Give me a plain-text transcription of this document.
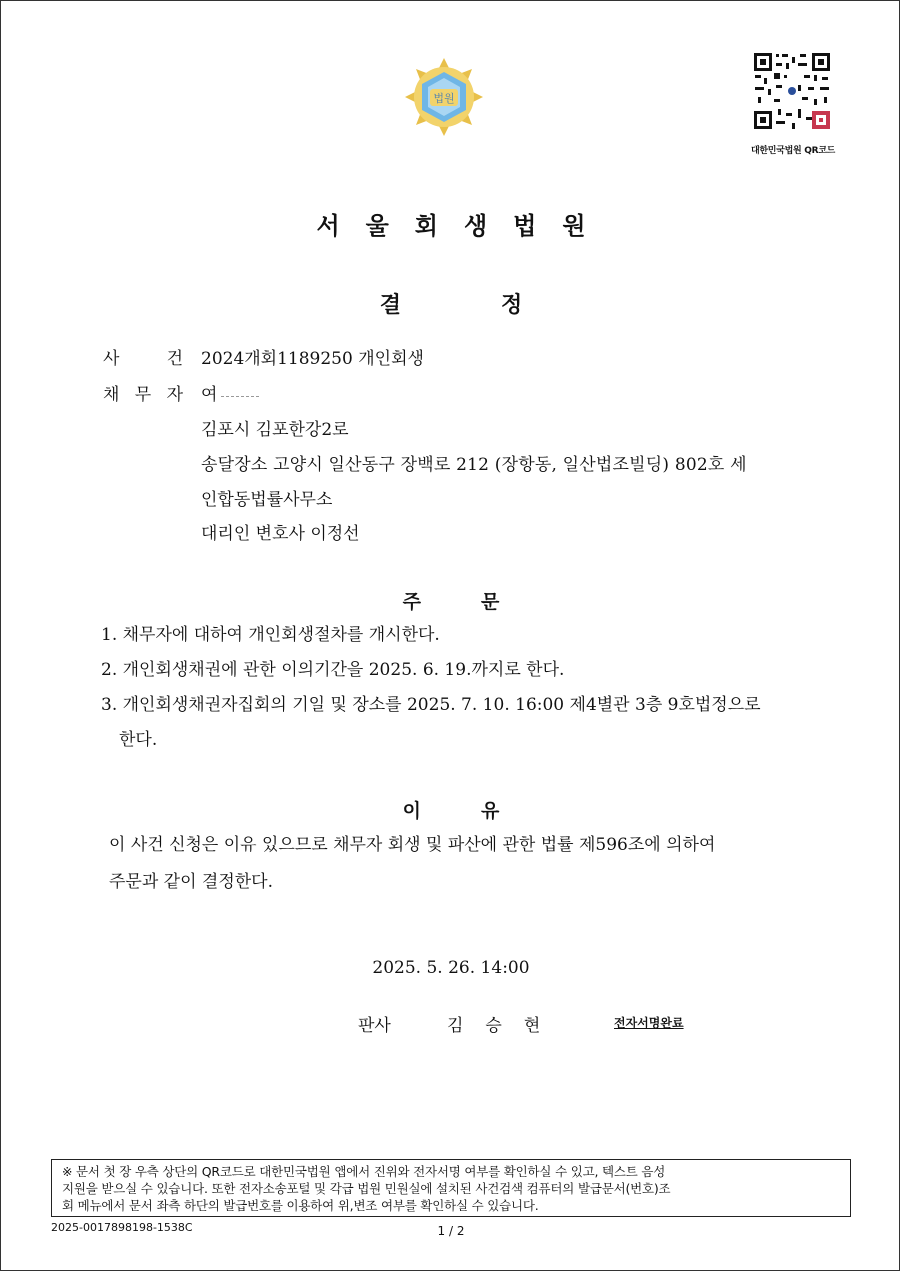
법원
대한민국법원 QR코드
서울회생법원
결정
사	건 2024개회1189250 개인회생
채 무 자 여
김포시 김포한강2로
송달장소 고양시 일산동구 장백로 212 (장항동, 일산법조빌딩) 802호 세
인합동법률사무소
대리인 변호사 이정선
주문
1. 채무자에 대하여 개인회생절차를 개시한다.
2. 개인회생채권에 관한 이의기간을 2025. 6. 19.까지로 한다.
3. 개인회생채권자집회의 기일 및 장소를 2025. 7. 10. 16:00 제4별관 3층 9호법정으로
한다.
이유
이 사건 신청은 이유 있으므로 채무자 회생 및 파산에 관한 법률 제596조에 의하여
주문과 같이 결정한다.
2025. 5. 26. 14:00
판사	김승현	전자서명완료
※ 문서 첫 장 우측 상단의 QR코드로 대한민국법원 앱에서 진위와 전자서명 여부를 확인하실 수 있고, 텍스트 음성
지원을 받으실 수 있습니다. 또한 전자소송포털 및 각급 법원 민원실에 설치된 사건검색 컴퓨터의 발급문서(번호)조
회 메뉴에서 문서 좌측 하단의 발급번호를 이용하여 위,변조 여부를 확인하실 수 있습니다.
2025-0017898198-1538C	1 / 2
